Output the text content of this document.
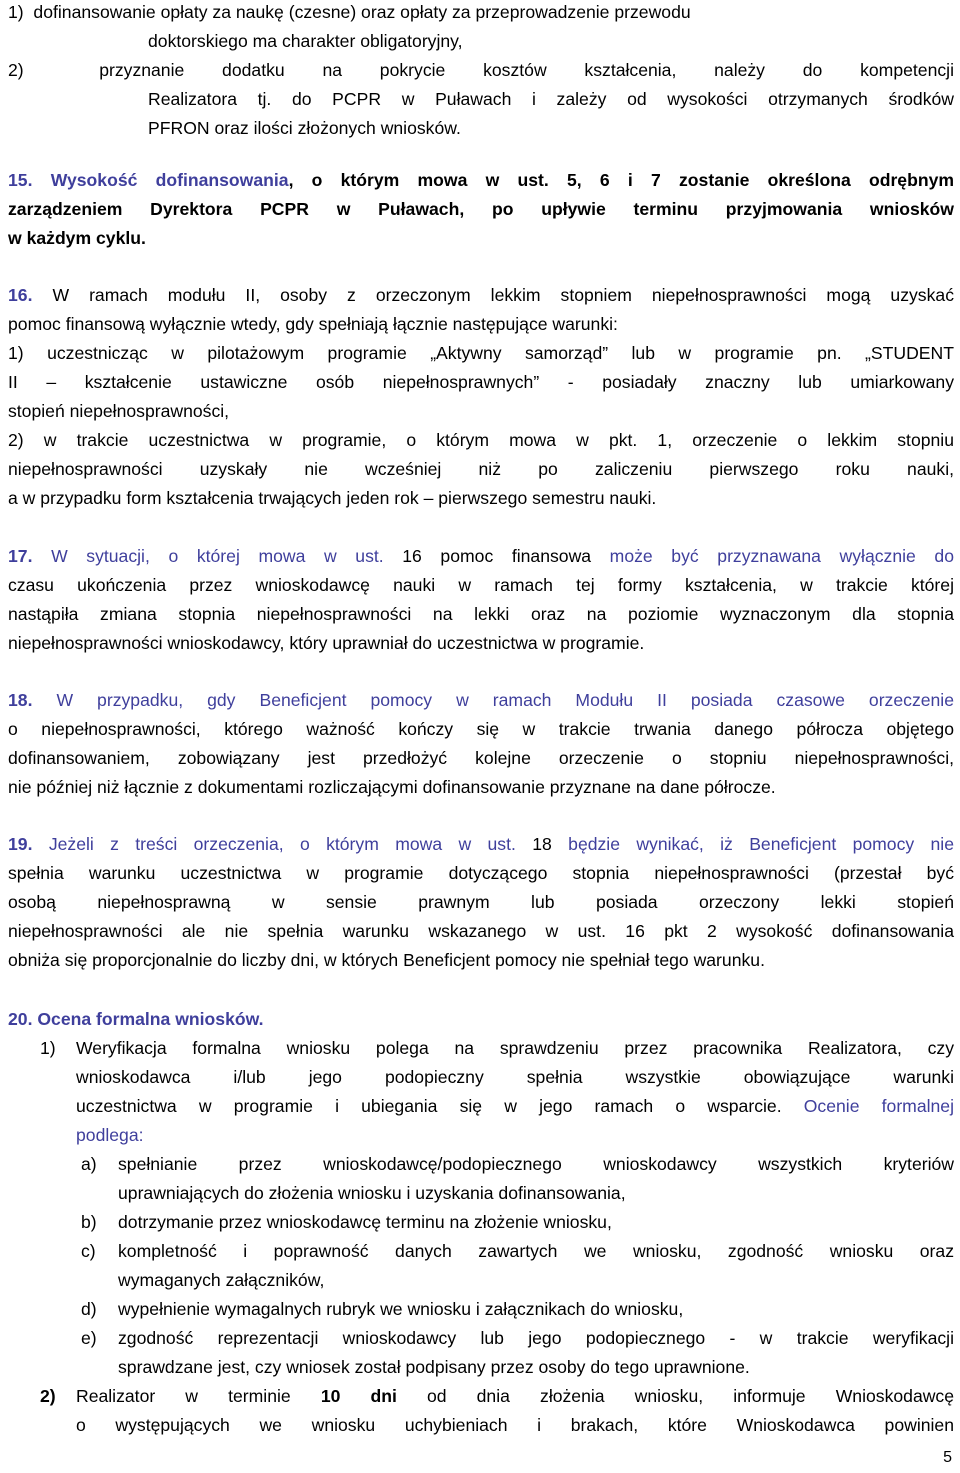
1)  dofinansowanie opłaty za naukę (czesne) oraz opłaty za przeprowadzenie przewodu
doktorskiego ma charakter obligatoryjny,
2)  przyznanie dodatku na pokrycie kosztów kształcenia, należy do kompetencji
Realizatora tj. do PCPR w Puławach i zależy od wysokości otrzymanych środków
PFRON oraz ilości złożonych wniosków.
15. Wysokość dofinansowania, o którym mowa w ust. 5, 6 i 7 zostanie określona odrębnym
zarządzeniem Dyrektora PCPR w Puławach, po upływie terminu przyjmowania wniosków
w każdym cyklu.
16. W ramach modułu II, osoby z orzeczonym lekkim stopniem niepełnosprawności mogą uzyskać
pomoc finansową wyłącznie wtedy, gdy spełniają łącznie następujące warunki:
1) uczestnicząc w pilotażowym programie „Aktywny samorząd” lub w programie pn. „STUDENT
II – kształcenie ustawiczne osób niepełnosprawnych” - posiadały znaczny lub umiarkowany
stopień niepełnosprawności,
2) w trakcie uczestnictwa w programie, o którym mowa w pkt. 1, orzeczenie o lekkim stopniu
niepełnosprawności uzyskały nie wcześniej niż po zaliczeniu pierwszego roku nauki,
a w przypadku form kształcenia trwających jeden rok – pierwszego semestru nauki.
17. W sytuacji, o której mowa w ust. 16 pomoc finansowa może być przyznawana wyłącznie do
czasu ukończenia przez wnioskodawcę nauki w ramach tej formy kształcenia, w trakcie której
nastąpiła zmiana stopnia niepełnosprawności na lekki oraz na poziomie wyznaczonym dla stopnia
niepełnosprawności wnioskodawcy, który uprawniał do uczestnictwa w programie.
18. W przypadku, gdy Beneficjent pomocy w ramach Modułu II posiada czasowe orzeczenie
o niepełnosprawności, którego ważność kończy się w trakcie trwania danego półrocza objętego
dofinansowaniem, zobowiązany jest przedłożyć kolejne orzeczenie o stopniu niepełnosprawności,
nie później niż łącznie z dokumentami rozliczającymi dofinansowanie przyznane na dane półrocze.
19. Jeżeli z treści orzeczenia, o którym mowa w ust. 18 będzie wynikać, iż Beneficjent pomocy nie
spełnia warunku uczestnictwa w programie dotyczącego stopnia niepełnosprawności (przestał być
osobą niepełnosprawną w sensie prawnym lub posiada orzeczony lekki stopień
niepełnosprawności ale nie spełnia warunku wskazanego w ust. 16 pkt 2 wysokość dofinansowania
obniża się proporcjonalnie do liczby dni, w których Beneficjent pomocy nie spełniał tego warunku.
20. Ocena formalna wniosków.
1) Weryfikacja formalna wniosku polega na sprawdzeniu przez pracownika Realizatora, czy
wnioskodawca i/lub jego podopieczny spełnia wszystkie obowiązujące warunki
uczestnictwa w programie i ubiegania się w jego ramach o wsparcie. Ocenie formalnej
podlega:
a) spełnianie przez wnioskodawcę/podopiecznego wnioskodawcy wszystkich kryteriów
uprawniających do złożenia wniosku i uzyskania dofinansowania,
b) dotrzymanie przez wnioskodawcę terminu na złożenie wniosku,
c) kompletność i poprawność danych zawartych we wniosku, zgodność wniosku oraz
wymaganych załączników,
d) wypełnienie wymagalnych rubryk we wniosku i załącznikach do wniosku,
e) zgodność reprezentacji wnioskodawcy lub jego podopiecznego - w trakcie weryfikacji
sprawdzane jest, czy wniosek został podpisany przez osoby do tego uprawnione.
2) Realizator w terminie 10 dni od dnia złożenia wniosku, informuje Wnioskodawcę
o występujących we wniosku uchybieniach i brakach, które Wnioskodawca powinien
5
